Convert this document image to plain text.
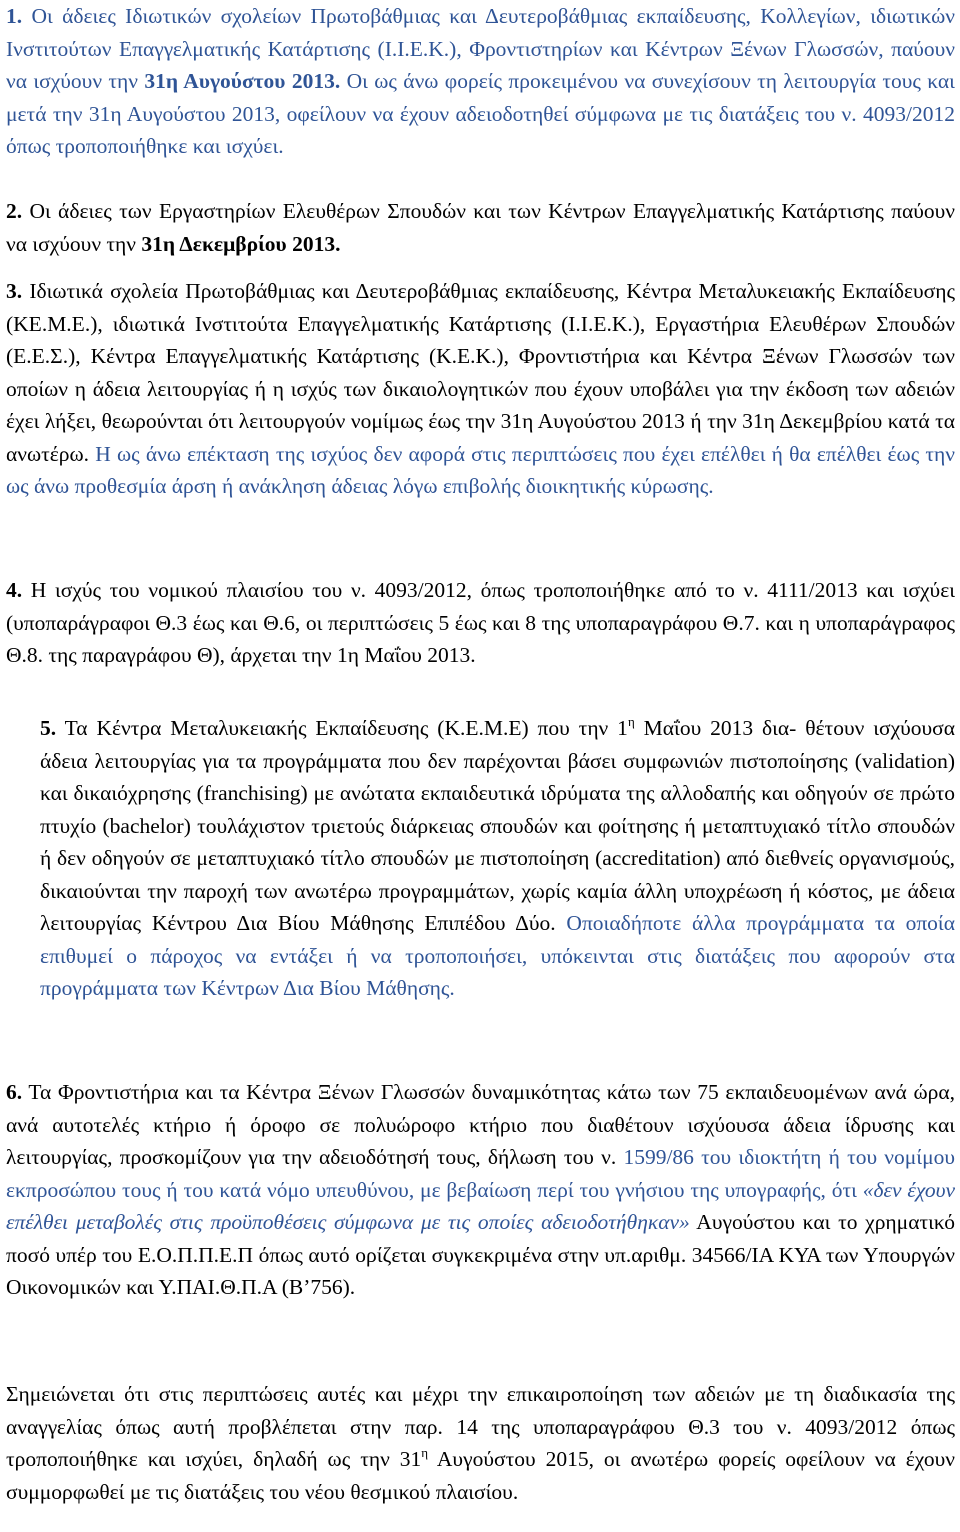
1. Οι άδειες Ιδιωτικών σχολείων Πρωτοβάθμιας και Δευτεροβάθμιας εκπαίδευσης, Κολλεγίων, ιδιωτικών Ινστιτούτων Επαγγελματικής Κατάρτισης (Ι.Ι.Ε.Κ.), Φροντιστηρίων και Κέντρων Ξένων Γλωσσών, παύουν να ισχύουν την 31η Αυγούστου 2013. Οι ως άνω φορείς προκειμένου να συνεχίσουν τη λειτουργία τους και μετά την 31η Αυγούστου 2013, οφείλουν να έχουν αδειοδοτηθεί σύμφωνα με τις διατάξεις του ν. 4093/2012 όπως τροποποιήθηκε και ισχύει.

2. Οι άδειες των Εργαστηρίων Ελευθέρων Σπουδών και των Κέντρων Επαγγελματικής Κατάρτισης παύουν να ισχύουν την 31η Δεκεμβρίου 2013.

3. Ιδιωτικά σχολεία Πρωτοβάθμιας και Δευτεροβάθμιας εκπαίδευσης, Κέντρα Μεταλυκειακής Εκπαίδευσης (ΚΕ.Μ.Ε.), ιδιωτικά Ινστιτούτα Επαγγελματικής Κατάρτισης (Ι.Ι.Ε.Κ.), Εργαστήρια Ελευθέρων Σπουδών (Ε.Ε.Σ.), Κέντρα Επαγγελματικής Κατάρτισης (Κ.Ε.Κ.), Φροντιστήρια και Κέντρα Ξένων Γλωσσών των οποίων η άδεια λειτουργίας ή η ισχύς των δικαιολογητικών που έχουν υποβάλει για την έκδοση των αδειών έχει λήξει, θεωρούνται ότι λειτουργούν νομίμως έως την 31η Αυγούστου 2013 ή την 31η Δεκεμβρίου κατά τα ανωτέρω. Η ως άνω επέκταση της ισχύος δεν αφορά στις περιπτώσεις που έχει επέλθει ή θα επέλθει έως την ως άνω προθεσμία άρση ή ανάκληση άδειας λόγω επιβολής διοικητικής κύρωσης.

4. Η ισχύς του νομικού πλαισίου του ν. 4093/2012, όπως τροποποιήθηκε από το ν. 4111/2013 και ισχύει (υποπαράγραφοι Θ.3 έως και Θ.6, οι περιπτώσεις 5 έως και 8 της υποπαραγράφου Θ.7. και η υποπαράγραφος Θ.8. της παραγράφου Θ), άρχεται την 1η Μαΐου 2013.

5. Τα Κέντρα Μεταλυκειακής Εκπαίδευσης (Κ.Ε.Μ.Ε) που την $1^\eta$ Μαΐου 2013 δια- θέτουν ισχύουσα άδεια λειτουργίας για τα προγράμματα που δεν παρέχονται βάσει συμφωνιών πιστοποίησης (validation) και δικαιόχρησης (franchising) με ανώτατα εκπαιδευτικά ιδρύματα της αλλοδαπής και οδηγούν σε πρώτο πτυχίο (bachelor) τουλάχιστον τριετούς διάρκειας σπουδών και φοίτησης ή μεταπτυχιακό τίτλο σπουδών ή δεν οδηγούν σε μεταπτυχιακό τίτλο σπουδών με πιστοποίηση (accreditation) από διεθνείς οργανισμούς, δικαιούνται την παροχή των ανωτέρω προγραμμάτων, χωρίς καμία άλλη υποχρέωση ή κόστος, με άδεια λειτουργίας Κέντρου Δια Βίου Μάθησης Επιπέδου Δύο. Οποιαδήποτε άλλα προγράμματα τα οποία επιθυμεί ο πάροχος να εντάξει ή να τροποποιήσει, υπόκεινται στις διατάξεις που αφορούν στα προγράμματα των Κέντρων Δια Βίου Μάθησης.

6. Τα Φροντιστήρια και τα Κέντρα Ξένων Γλωσσών δυναμικότητας κάτω των 75 εκπαιδευομένων ανά ώρα, ανά αυτοτελές κτήριο ή όροφο σε πολυώροφο κτήριο που διαθέτουν ισχύουσα άδεια ίδρυσης και λειτουργίας, προσκομίζουν για την αδειοδότησή τους, δήλωση του ν. 1599/86 του ιδιοκτήτη ή του νομίμου εκπροσώπου τους ή του κατά νόμο υπευθύνου, με βεβαίωση περί του γνήσιου της υπογραφής, ότι «δεν έχουν επέλθει μεταβολές στις προϋποθέσεις σύμφωνα με τις οποίες αδειοδοτήθηκαν» Αυγούστου και το χρηματικό ποσό υπέρ του Ε.Ο.Π.Π.Ε.Π όπως αυτό ορίζεται συγκεκριμένα στην υπ.αριθμ. 34566/ΙΑ ΚΥΑ των Υπουργών Οικονομικών και Υ.ΠΑΙ.Θ.Π.Α (Β’756).

Σημειώνεται ότι στις περιπτώσεις αυτές και μέχρι την επικαιροποίηση των αδειών με τη διαδικασία της αναγγελίας όπως αυτή προβλέπεται στην παρ. 14 της υποπαραγράφου Θ.3 του ν. 4093/2012 όπως τροποποιήθηκε και ισχύει, δηλαδή ως την $31^\eta$ Αυγούστου 2015, οι ανωτέρω φορείς οφείλουν να έχουν συμμορφωθεί με τις διατάξεις του νέου θεσμικού πλαισίου.
